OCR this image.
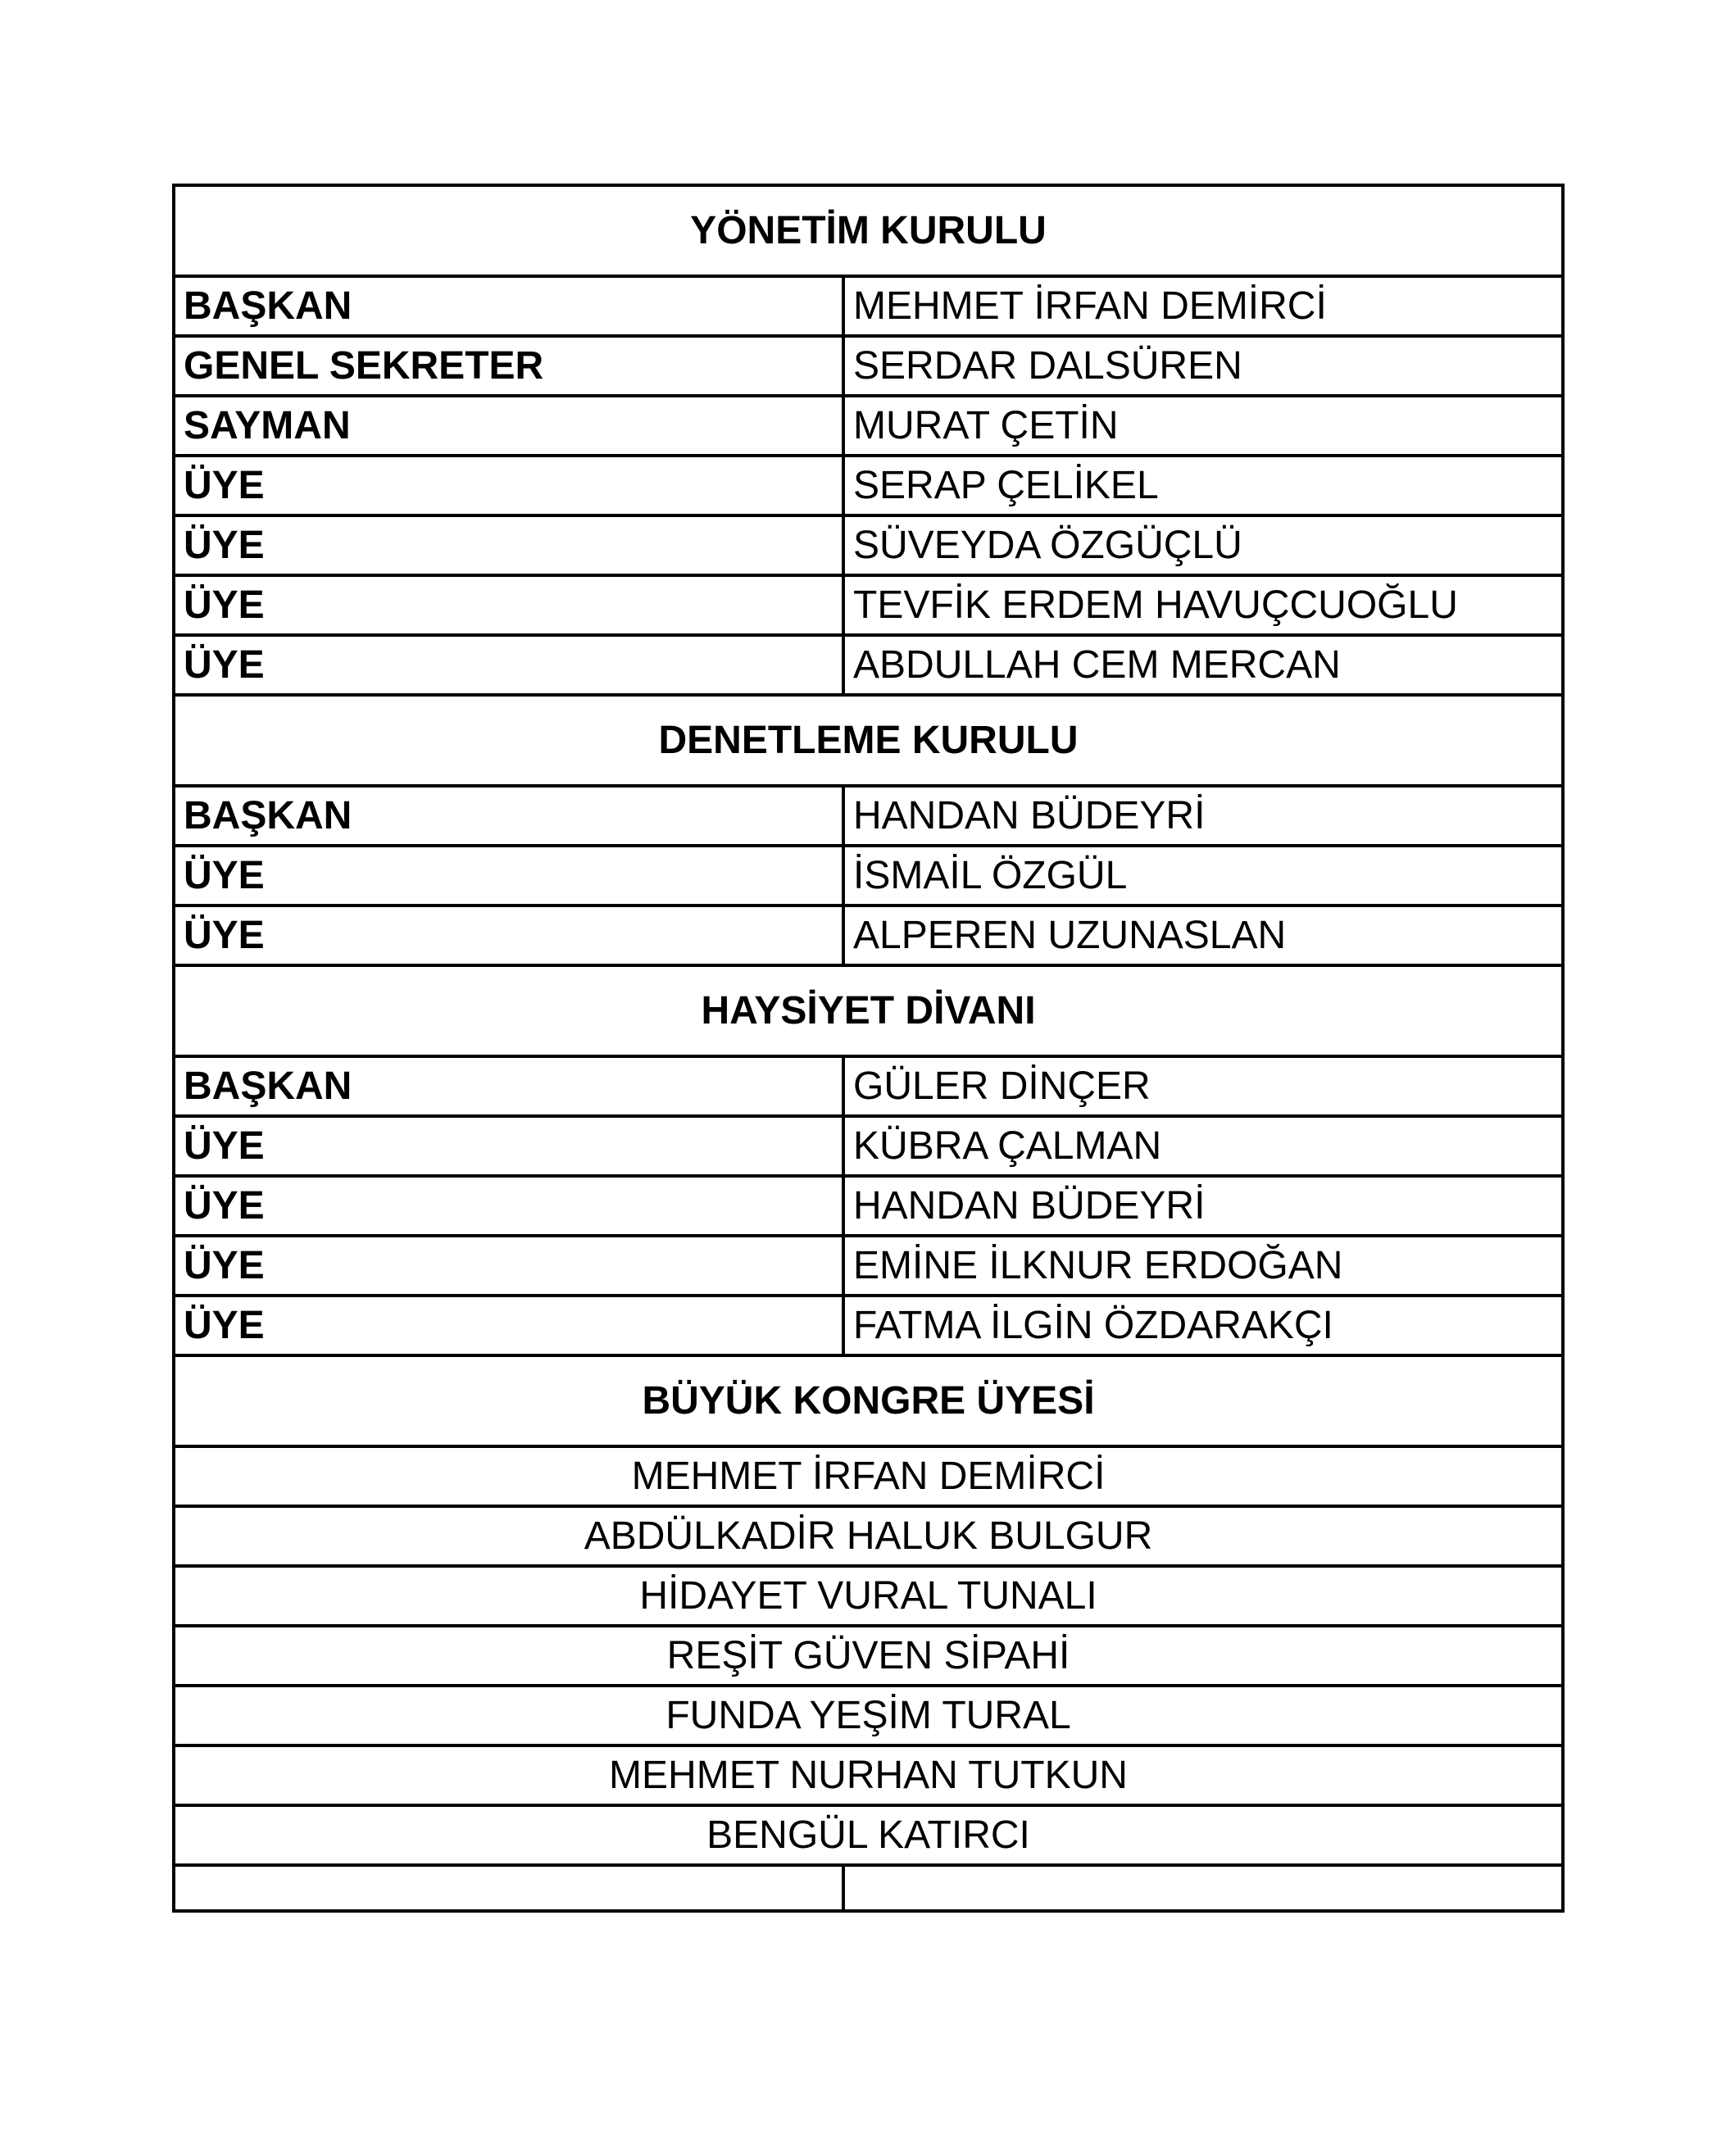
YÖNETİM KURULU	
BAŞKAN	MEHMET İRFAN DEMİRCİ
GENEL SEKRETER	SERDAR DALSÜREN
SAYMAN	MURAT ÇETİN
ÜYE	SERAP ÇELİKEL
ÜYE	SÜVEYDA ÖZGÜÇLÜ
ÜYE	TEVFİK ERDEM HAVUÇCUOĞLU
ÜYE	ABDULLAH CEM MERCAN
DENETLEME KURULU	
BAŞKAN	HANDAN BÜDEYRİ
ÜYE	İSMAİL ÖZGÜL
ÜYE	ALPEREN UZUNASLAN
HAYSİYET DİVANI	
BAŞKAN	GÜLER DİNÇER
ÜYE	KÜBRA ÇALMAN
ÜYE	HANDAN BÜDEYRİ
ÜYE	EMİNE İLKNUR ERDOĞAN
ÜYE	FATMA İLGİN ÖZDARAKÇI
BÜYÜK KONGRE ÜYESİ	
MEHMET İRFAN DEMİRCİ	
ABDÜLKADİR HALUK BULGUR	
HİDAYET VURAL TUNALI	
REŞİT GÜVEN SİPAHİ	
FUNDA YEŞİM TURAL	
MEHMET NURHAN TUTKUN	
BENGÜL KATIRCI	
